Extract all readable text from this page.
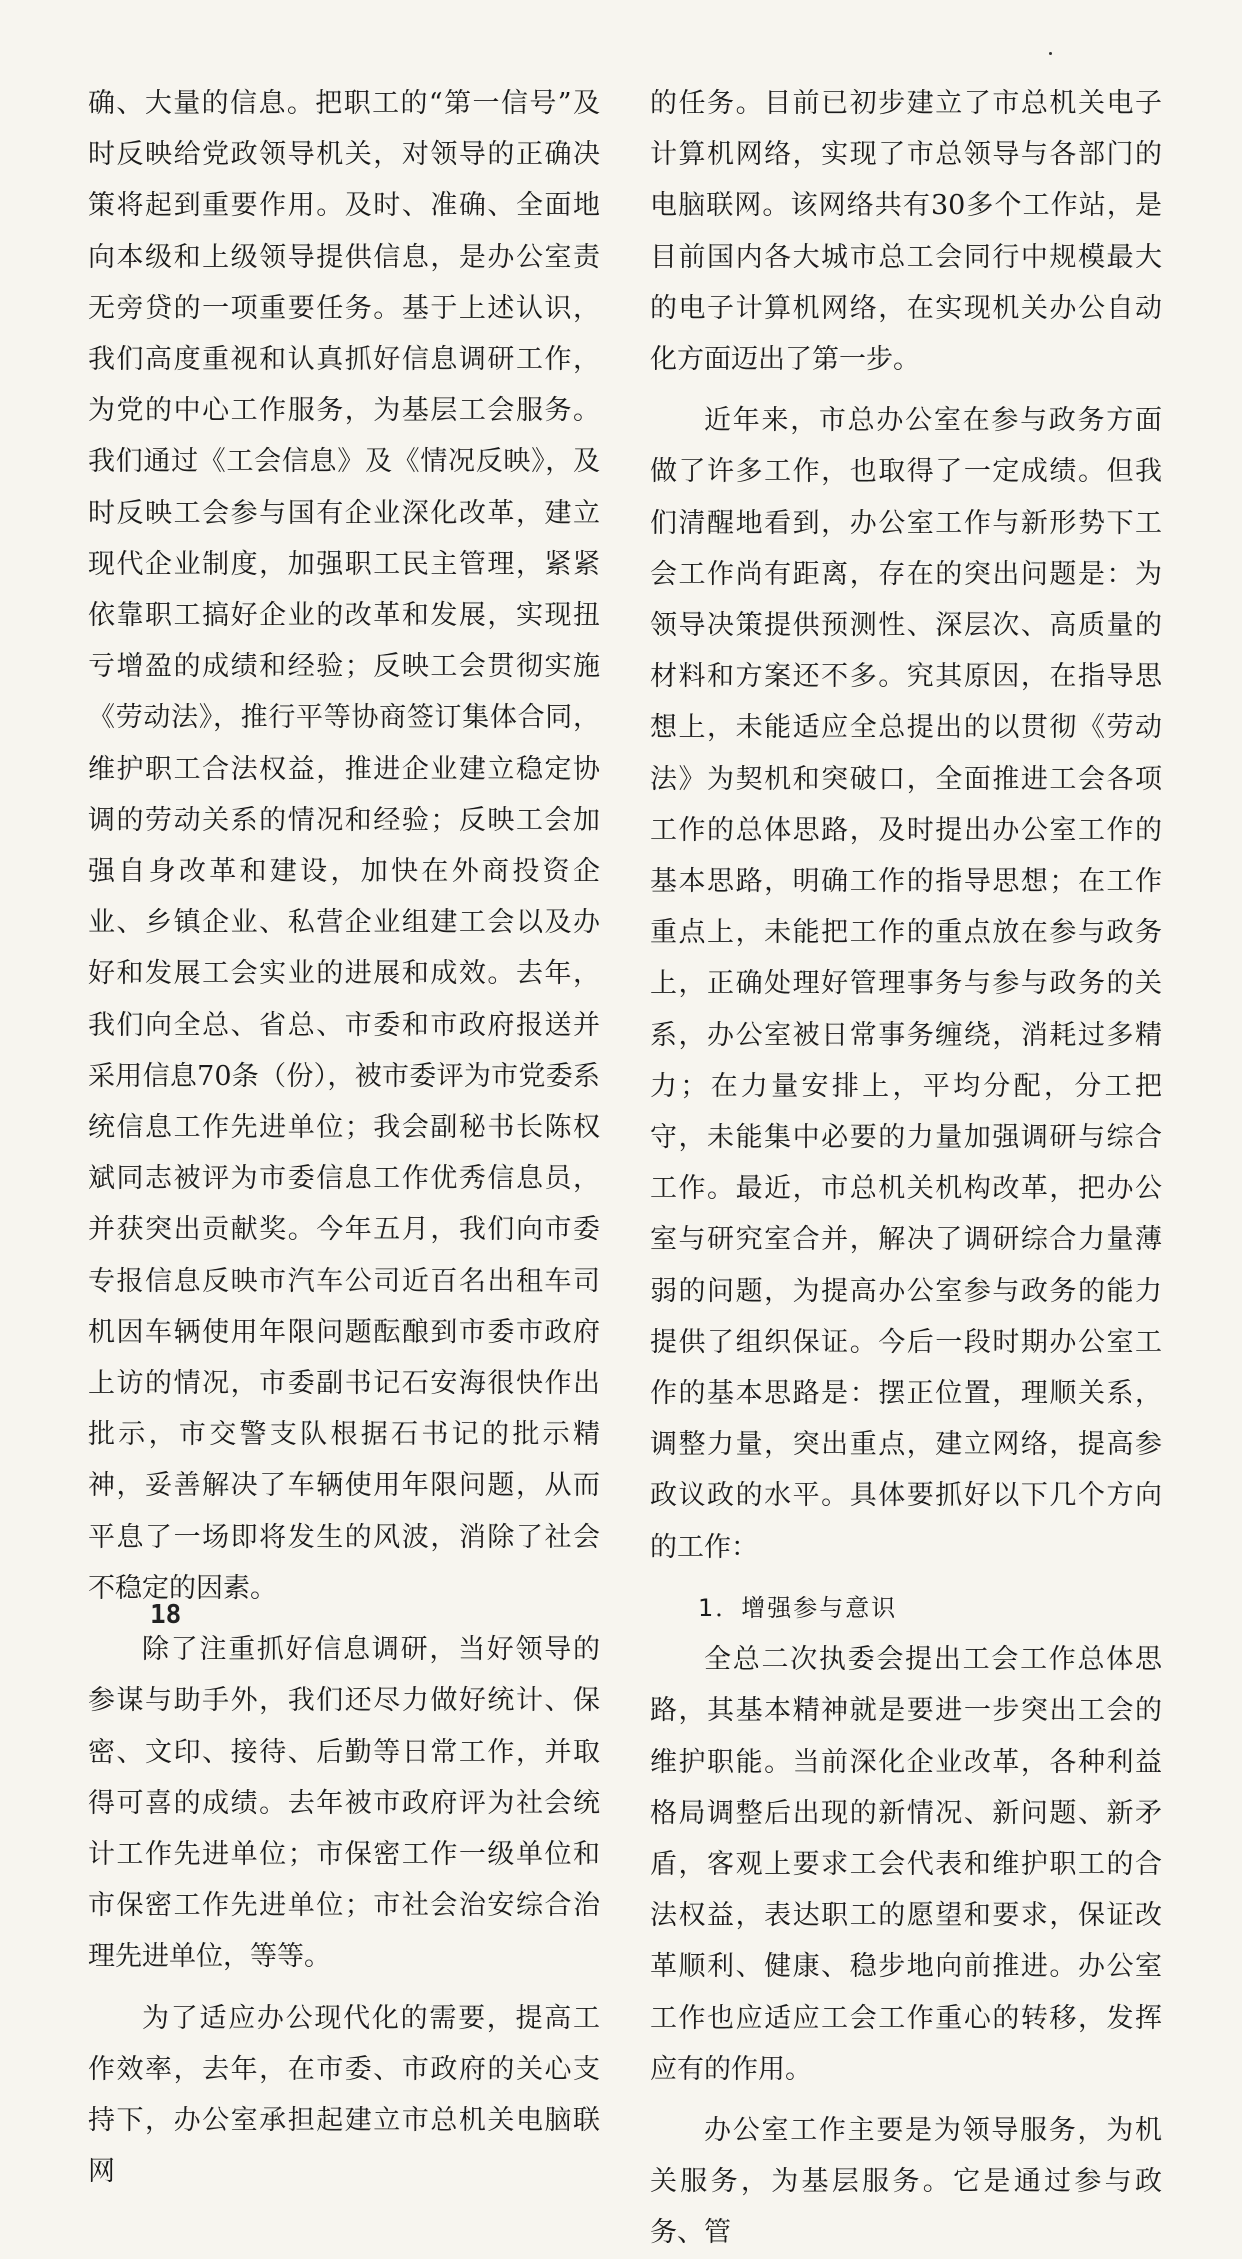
确、大量的信息。把职工的“第一信号”及时反映给党政领导机关，对领导的正确决策将起到重要作用。及时、准确、全面地向本级和上级领导提供信息，是办公室责无旁贷的一项重要任务。基于上述认识，我们高度重视和认真抓好信息调研工作，为党的中心工作服务，为基层工会服务。我们通过《工会信息》及《情况反映》，及时反映工会参与国有企业深化改革，建立现代企业制度，加强职工民主管理，紧紧依靠职工搞好企业的改革和发展，实现扭亏增盈的成绩和经验；反映工会贯彻实施《劳动法》，推行平等协商签订集体合同，维护职工合法权益，推进企业建立稳定协调的劳动关系的情况和经验；反映工会加强自身改革和建设，加快在外商投资企业、乡镇企业、私营企业组建工会以及办好和发展工会实业的进展和成效。去年，我们向全总、省总、市委和市政府报送并采用信息70条（份），被市委评为市党委系统信息工作先进单位；我会副秘书长陈权斌同志被评为市委信息工作优秀信息员，并获突出贡献奖。今年五月，我们向市委专报信息反映市汽车公司近百名出租车司机因车辆使用年限问题酝酿到市委市政府上访的情况，市委副书记石安海很快作出批示，市交警支队根据石书记的批示精神，妥善解决了车辆使用年限问题，从而平息了一场即将发生的风波，消除了社会不稳定的因素。

除了注重抓好信息调研，当好领导的参谋与助手外，我们还尽力做好统计、保密、文印、接待、后勤等日常工作，并取得可喜的成绩。去年被市政府评为社会统计工作先进单位；市保密工作一级单位和市保密工作先进单位；市社会治安综合治理先进单位，等等。

为了适应办公现代化的需要，提高工作效率，去年，在市委、市政府的关心支持下，办公室承担起建立市总机关电脑联网

的任务。目前已初步建立了市总机关电子计算机网络，实现了市总领导与各部门的电脑联网。该网络共有30多个工作站，是目前国内各大城市总工会同行中规模最大的电子计算机网络，在实现机关办公自动化方面迈出了第一步。

近年来，市总办公室在参与政务方面做了许多工作，也取得了一定成绩。但我们清醒地看到，办公室工作与新形势下工会工作尚有距离，存在的突出问题是：为领导决策提供预测性、深层次、高质量的材料和方案还不多。究其原因，在指导思想上，未能适应全总提出的以贯彻《劳动法》为契机和突破口，全面推进工会各项工作的总体思路，及时提出办公室工作的基本思路，明确工作的指导思想；在工作重点上，未能把工作的重点放在参与政务上，正确处理好管理事务与参与政务的关系，办公室被日常事务缠绕，消耗过多精力；在力量安排上，平均分配，分工把守，未能集中必要的力量加强调研与综合工作。最近，市总机关机构改革，把办公室与研究室合并，解决了调研综合力量薄弱的问题，为提高办公室参与政务的能力提供了组织保证。今后一段时期办公室工作的基本思路是：摆正位置，理顺关系，调整力量，突出重点，建立网络，提高参政议政的水平。具体要抓好以下几个方向的工作：

1．增强参与意识

全总二次执委会提出工会工作总体思路，其基本精神就是要进一步突出工会的维护职能。当前深化企业改革，各种利益格局调整后出现的新情况、新问题、新矛盾，客观上要求工会代表和维护职工的合法权益，表达职工的愿望和要求，保证改革顺利、健康、稳步地向前推进。办公室工作也应适应工会工作重心的转移，发挥应有的作用。

办公室工作主要是为领导服务，为机关服务，为基层服务。它是通过参与政务、管

18
